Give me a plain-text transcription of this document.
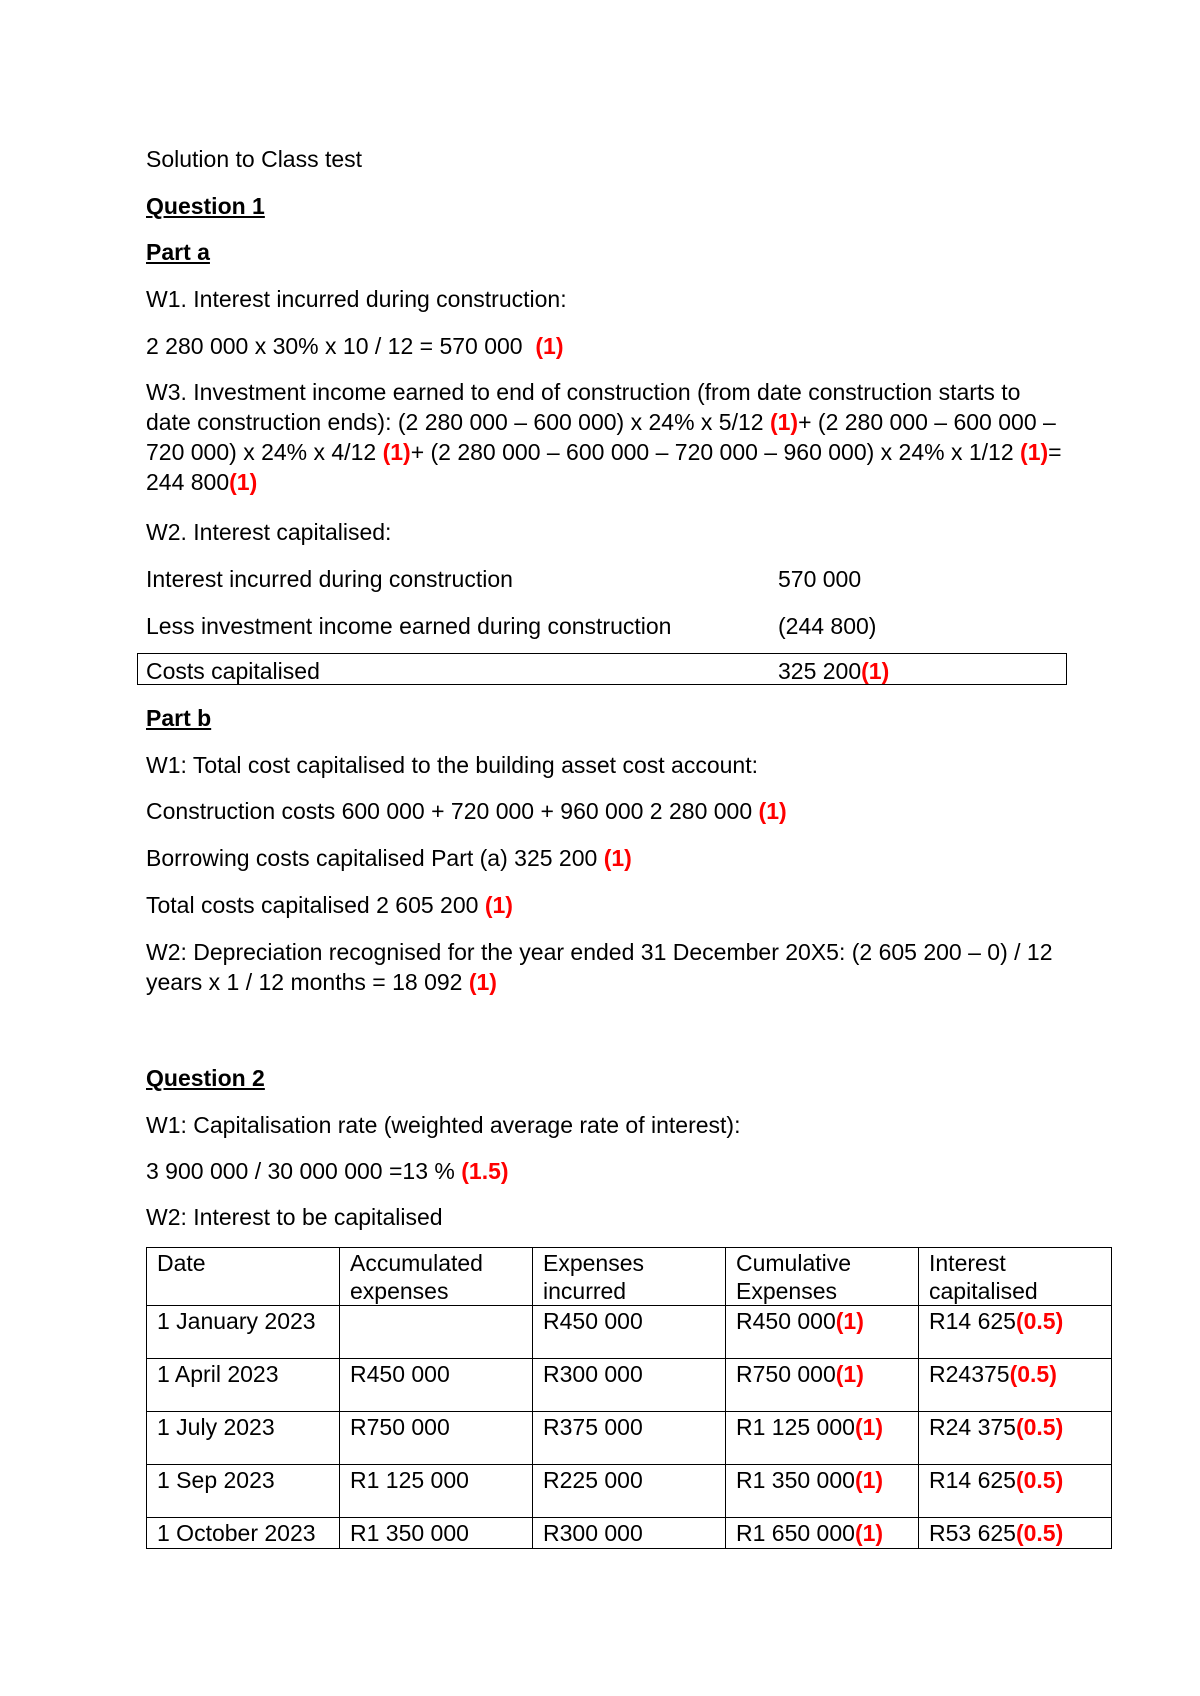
Solution to Class test
Question 1
Part a
W1. Interest incurred during construction:
2 280 000 x 30% x 10 / 12 = 570 000 (1)
W3. Investment income earned to end of construction (from date construction starts to date construction ends): (2 280 000 – 600 000) x 24% x 5/12 (1)+ (2 280 000 – 600 000 – 720 000) x 24% x 4/12 (1)+ (2 280 000 – 600 000 – 720 000 – 960 000) x 24% x 1/12 (1)= 244 800(1)
W2. Interest capitalised:
Interest incurred during construction	570 000
Less investment income earned during construction	(244 800)
Costs capitalised	325 200(1)
Part b
W1: Total cost capitalised to the building asset cost account:
Construction costs 600 000 + 720 000 + 960 000 2 280 000 (1)
Borrowing costs capitalised Part (a) 325 200 (1)
Total costs capitalised 2 605 200 (1)
W2: Depreciation recognised for the year ended 31 December 20X5: (2 605 200 – 0) / 12 years x 1 / 12 months = 18 092 (1)
Question 2
W1: Capitalisation rate (weighted average rate of interest):
3 900 000 / 30 000 000 =13 % (1.5)
W2: Interest to be capitalised
Date	Accumulated expenses	Expenses incurred	Cumulative Expenses	Interest capitalised
1 January 2023		R450 000	R450 000(1)	R14 625(0.5)
1 April 2023	R450 000	R300 000	R750 000(1)	R24375(0.5)
1 July 2023	R750 000	R375 000	R1 125 000(1)	R24 375(0.5)
1 Sep 2023	R1 125 000	R225 000	R1 350 000(1)	R14 625(0.5)
1 October 2023	R1 350 000	R300 000	R1 650 000(1)	R53 625(0.5)
